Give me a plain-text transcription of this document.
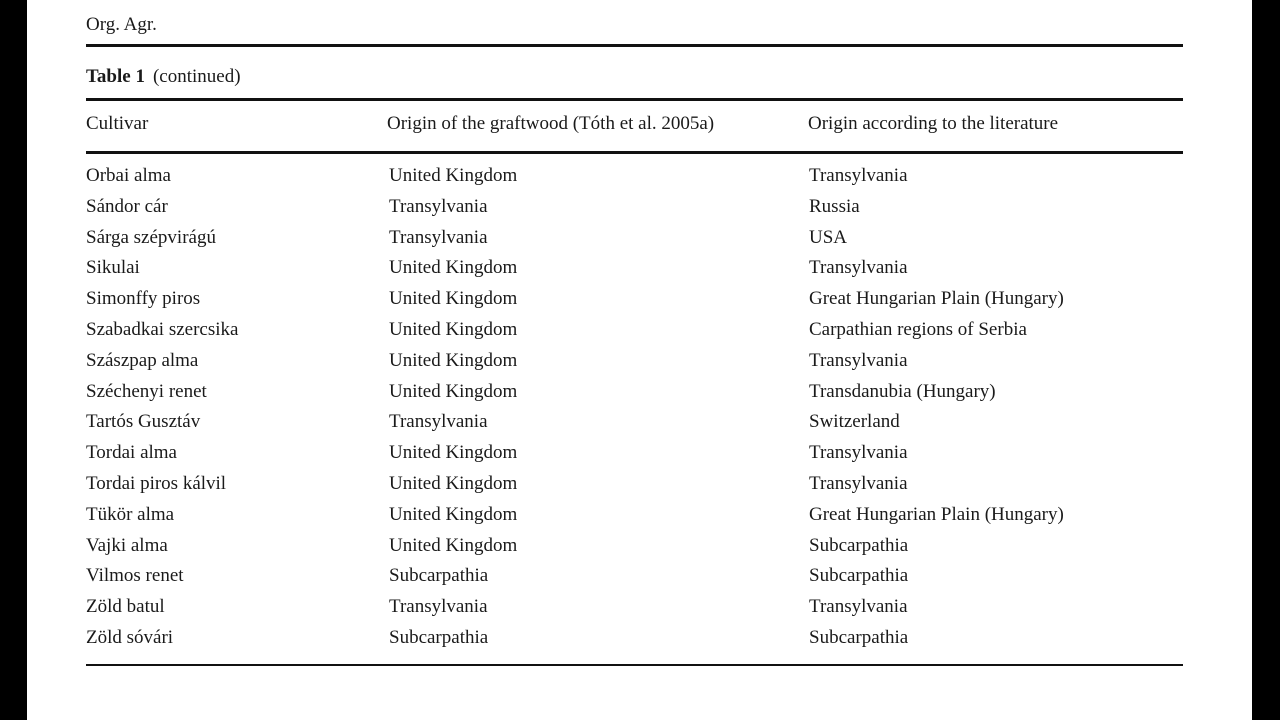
Org. Agr.
Table 1 (continued)
Cultivar	Origin of the graftwood (Tóth et al. 2005a)	Origin according to the literature
Orbai alma	United Kingdom	Transylvania
Sándor cár	Transylvania	Russia
Sárga szépvirágú	Transylvania	USA
Sikulai	United Kingdom	Transylvania
Simonffy piros	United Kingdom	Great Hungarian Plain (Hungary)
Szabadkai szercsika	United Kingdom	Carpathian regions of Serbia
Szászpap alma	United Kingdom	Transylvania
Széchenyi renet	United Kingdom	Transdanubia (Hungary)
Tartós Gusztáv	Transylvania	Switzerland
Tordai alma	United Kingdom	Transylvania
Tordai piros kálvil	United Kingdom	Transylvania
Tükör alma	United Kingdom	Great Hungarian Plain (Hungary)
Vajki alma	United Kingdom	Subcarpathia
Vilmos renet	Subcarpathia	Subcarpathia
Zöld batul	Transylvania	Transylvania
Zöld sóvári	Subcarpathia	Subcarpathia
